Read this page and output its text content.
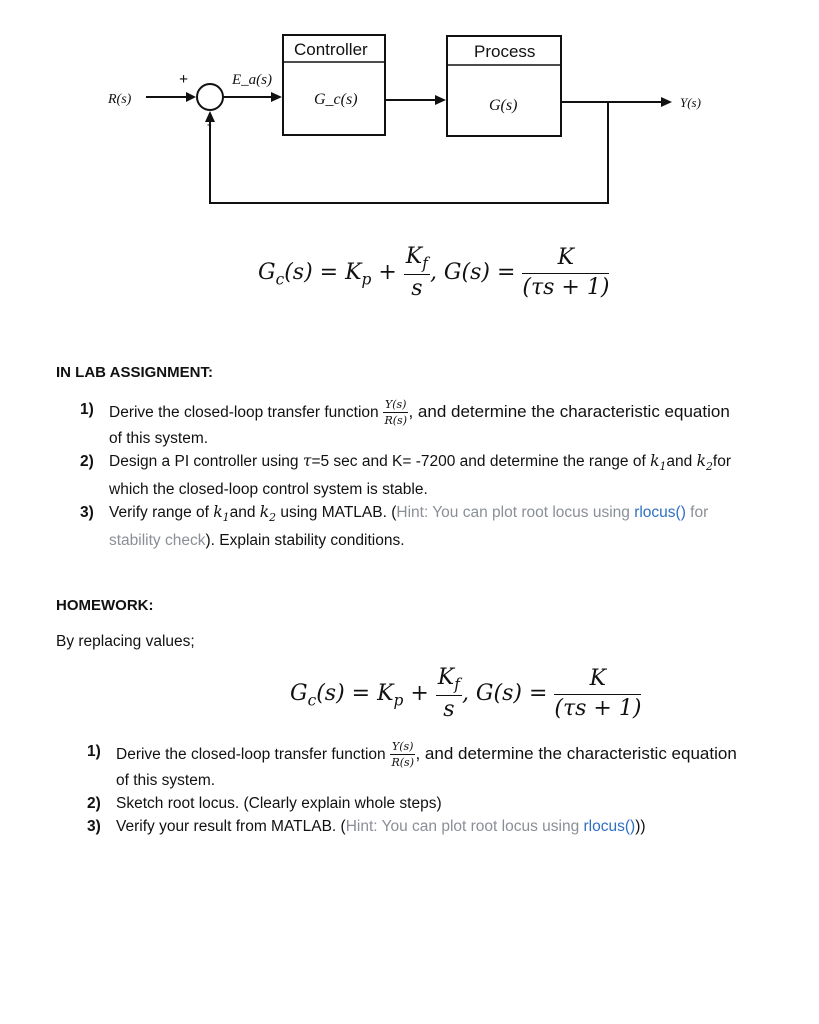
R(s)
+
-
E_a(s)
Controller
G_c(s)
Process
G(s)	Y(s)
$G_c(s) = K_p + \frac{K_f}{s}$ , $G(s) = \frac{K}{(\tau s + 1)}$
IN LAB ASSIGNMENT:
1) Derive the closed-loop transfer function $\frac{Y(s)}{R(s)}$ , and determine the characteristic equation
of this system.
2) Design a PI controller using τ=5 sec and K= -7200 and determine the range of $k_1and$ $k_2for$
which the closed-loop control system is stable.
3) Verify range of $k_1and$ $k_2$ using MATLAB. (Hint: You can plot root locus using rlocus() for
stability check). Explain stability conditions.
HOMEWORK:
By replacing values;
$G_c(s) = K_p + \frac{K_f}{s}$ , $G(s) = \frac{K}{(\tau s + 1)}$
1) Derive the closed-loop transfer function $\frac{Y(s)}{R(s)}$ , and determine the characteristic equation
of this system.
2) Sketch root locus. (Clearly explain whole steps)
3) Verify your result from MATLAB. (Hint: You can plot root locus using rlocus()))
